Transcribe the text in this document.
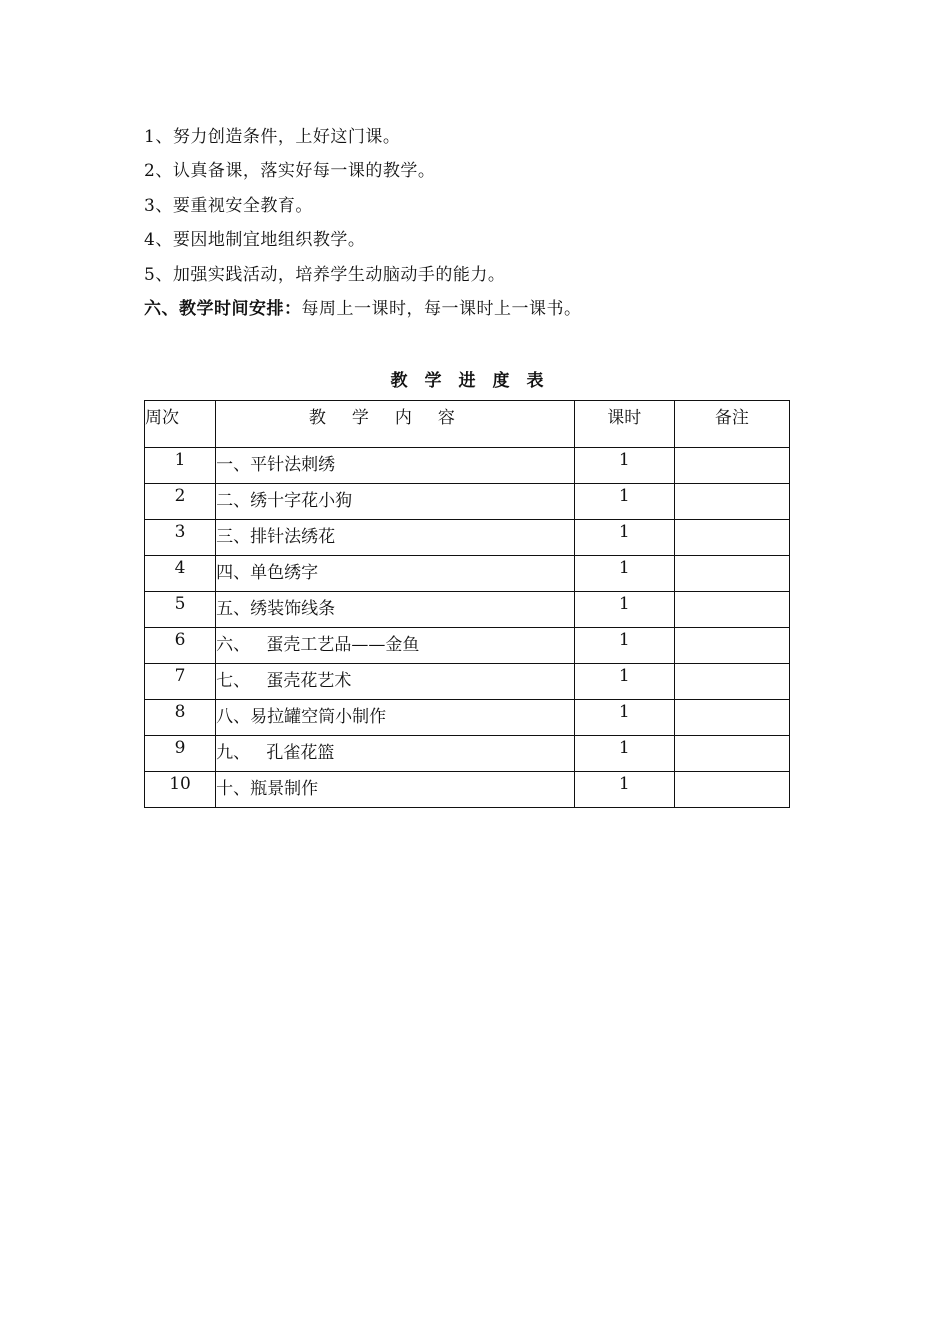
1、努力创造条件，上好这门课。
2、认真备课，落实好每一课的教学。
3、要重视安全教育。
4、要因地制宜地组织教学。
5、加强实践活动，培养学生动脑动手的能力。
六、教学时间安排：每周上一课时，每一课时上一课书。
教学进度表
周次	教学内容	课时	备注
1	一、平针法刺绣	1	
2	二、绣十字花小狗	1	
3	三、排针法绣花	1	
4	四、单色绣字	1	
5	五、绣装饰线条	1	
6	六、   蛋壳工艺品——金鱼	1	
7	七、   蛋壳花艺术	1	
8	八、易拉罐空筒小制作	1	
9	九、   孔雀花篮	1	
10	十、瓶景制作	1	
